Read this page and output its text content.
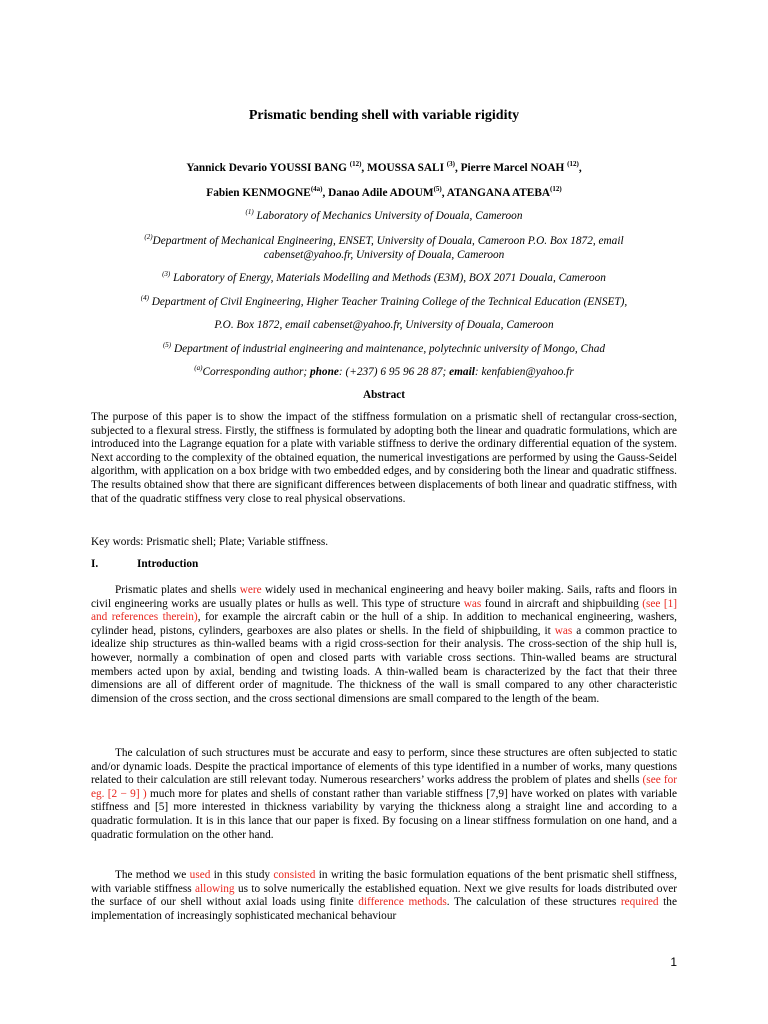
Prismatic bending shell with variable rigidity
Yannick Devario YOUSSI BANG $^{(12)}$, MOUSSA SALI $^{(3)}$, Pierre Marcel NOAH $^{(12)}$,
Fabien $KENMOGNE^{(4a)}$, Danao Adile ADOUM$^{(5)}$, ATANGANA ATEBA$^{(12)}$
$^{(1)}$ Laboratory of Mechanics University of Douala, Cameroon
$^{(2)}$Department of Mechanical Engineering, ENSET, University of Douala, Cameroon P.O. Box 1872, email
cabenset@yahoo.fr, University of Douala, Cameroon
$^{(3)}$ Laboratory of Energy, Materials Modelling and Methods (E3M), BOX 2071 Douala, Cameroon
$^{(4)}$ Department of Civil Engineering, Higher Teacher Training College of the Technical Education (ENSET),
P.O. Box 1872, email cabenset@yahoo.fr, University of Douala, Cameroon
$^{(5)}$ Department of industrial engineering and maintenance, polytechnic university of Mongo, Chad
$^{(a)}$Corresponding author; phone: (+237) 6 95 96 28 87; email: kenfabien@yahoo.fr
Abstract
The purpose of this paper is to show the impact of the stiffness formulation on a prismatic shell of rectangular cross-section, subjected to a flexural stress. Firstly, the stiffness is formulated by adopting both the linear and quadratic formulations, which are introduced into the Lagrange equation for a plate with variable stiffness to derive the ordinary differential equation of the system. Next according to the complexity of the obtained equation, the numerical investigations are performed by using the Gauss-Seidel algorithm, with application on a box bridge with two embedded edges, and by considering both the linear and quadratic stiffness. The results obtained show that there are significant differences between displacements of both linear and quadratic stiffness, with that of the quadratic stiffness very close to real physical observations.
Key words: Prismatic shell; Plate; Variable stiffness.
I.	Introduction
Prismatic plates and shells were widely used in mechanical engineering and heavy boiler making. Sails, rafts and floors in civil engineering works are usually plates or hulls as well. This type of structure was found in aircraft and shipbuilding (see [1] and references therein), for example the aircraft cabin or the hull of a ship. In addition to mechanical engineering, washers, cylinder head, pistons, cylinders, gearboxes are also plates or shells. In the field of shipbuilding, it was a common practice to idealize ship structures as thin-walled beams with a rigid cross-section for their analysis. The cross-section of the ship hull is, however, normally a combination of open and closed parts with variable cross sections. Thin-walled beams are structural members acted upon by axial, bending and twisting loads. A thin-walled beam is characterized by the fact that their three dimensions are all of different order of magnitude. The thickness of the wall is small compared to any other characteristic dimension of the cross section, and the cross sectional dimensions are small compared to the length of the beam.
The calculation of such structures must be accurate and easy to perform, since these structures are often subjected to static and/or dynamic loads. Despite the practical importance of elements of this type identified in a number of works, many questions related to their calculation are still relevant today. Numerous researchers’ works address the problem of plates and shells (see for eg. [2 − 9] ) much more for plates and shells of constant rather than variable stiffness [7,9] have worked on plates with variable stiffness and [5] more interested in thickness variability by varying the thickness along a straight line and according to a quadratic formulation. It is in this lance that our paper is fixed. By focusing on a linear stiffness formulation on one hand, and a quadratic formulation on the other hand.
The method we used in this study consisted in writing the basic formulation equations of the bent prismatic shell stiffness, with variable stiffness allowing us to solve numerically the established equation. Next we give results for loads distributed over the surface of our shell without axial loads using finite difference methods. The calculation of these structures required the implementation of increasingly sophisticated mechanical behaviour
1
